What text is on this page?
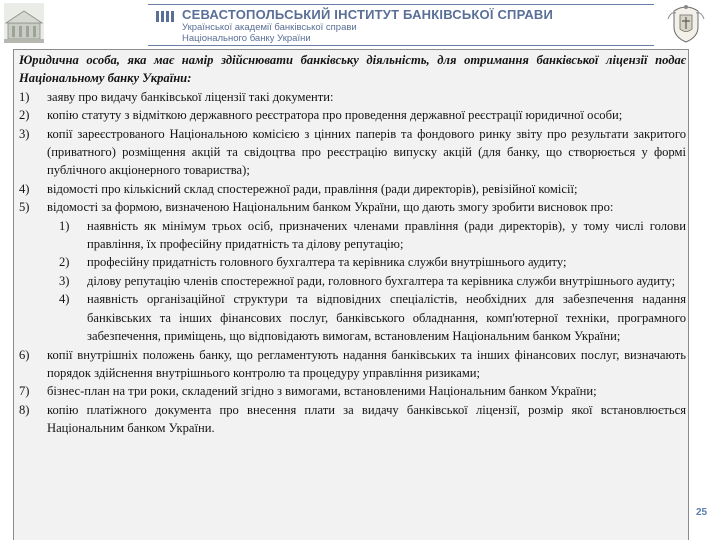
СЕВАСТОПОЛЬСЬКИЙ ІНСТИТУТ БАНКІВСЬКОЇ СПРАВИ
Української академії банківської справи
Національного банку України

Юридична особа, яка має намір здійснювати банківську діяльність, для отримання банківської ліцензії подає Національному банку України:

1) заяву про видачу банківської ліцензії такі документи:
2) копію статуту з відміткою державного реєстратора про проведення державної реєстрації юридичної особи;
3) копії зареєстрованого Національною комісією з цінних паперів та фондового ринку звіту про результати закритого (приватного) розміщення акцій та свідоцтва про реєстрацію випуску акцій (для банку, що створюється у формі публічного акціонерного товариства);
4) відомості про кількісний склад спостережної ради, правління (ради директорів), ревізійної комісії;
5) відомості за формою, визначеною Національним банком України, що дають змогу зробити висновок про:
1) наявність як мінімум трьох осіб, призначених членами правління (ради директорів), у тому числі голови правління, їх професійну придатність та ділову репутацію;
2) професійну придатність головного бухгалтера та керівника служби внутрішнього аудиту;
3) ділову репутацію членів спостережної ради, головного бухгалтера та керівника служби внутрішнього аудиту;
4) наявність організаційної структури та відповідних спеціалістів, необхідних для забезпечення надання банківських та інших фінансових послуг, банківського обладнання, комп'ютерної техніки, програмного забезпечення, приміщень, що відповідають вимогам, встановленим Національним банком України;
6) копії внутрішніх положень банку, що регламентують надання банківських та інших фінансових послуг, визначають порядок здійснення внутрішнього контролю та процедуру управління ризиками;
7) бізнес-план на три роки, складений згідно з вимогами, встановленими Національним банком України;
8) копію платіжного документа про внесення плати за видачу банківської ліцензії, розмір якої встановлюється Національним банком України.
25
